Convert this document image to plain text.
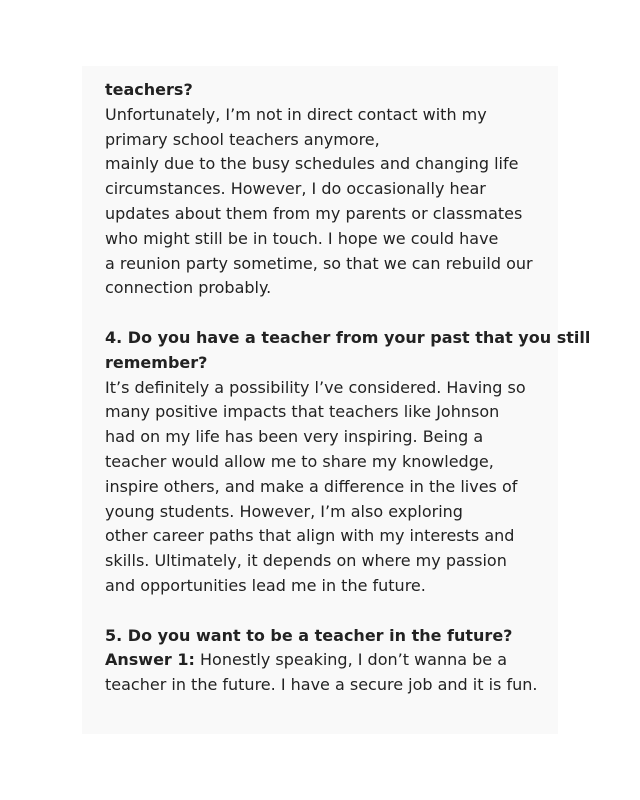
teachers?
Unfortunately, I’m not in direct contact with my
primary school teachers anymore,
mainly due to the busy schedules and changing life
circumstances. However, I do occasionally hear
updates about them from my parents or classmates
who might still be in touch. I hope we could have
a reunion party sometime, so that we can rebuild our
connection probably.
4. Do you have a teacher from your past that you still
remember?
It’s definitely a possibility l’ve considered. Having so
many positive impacts that teachers like Johnson
had on my life has been very inspiring. Being a
teacher would allow me to share my knowledge,
inspire others, and make a difference in the lives of
young students. However, I’m also exploring
other career paths that align with my interests and
skills. Ultimately, it depends on where my passion
and opportunities lead me in the future.
5. Do you want to be a teacher in the future?
Answer 1: Honestly speaking, I don’t wanna be a
teacher in the future. I have a secure job and it is fun.
